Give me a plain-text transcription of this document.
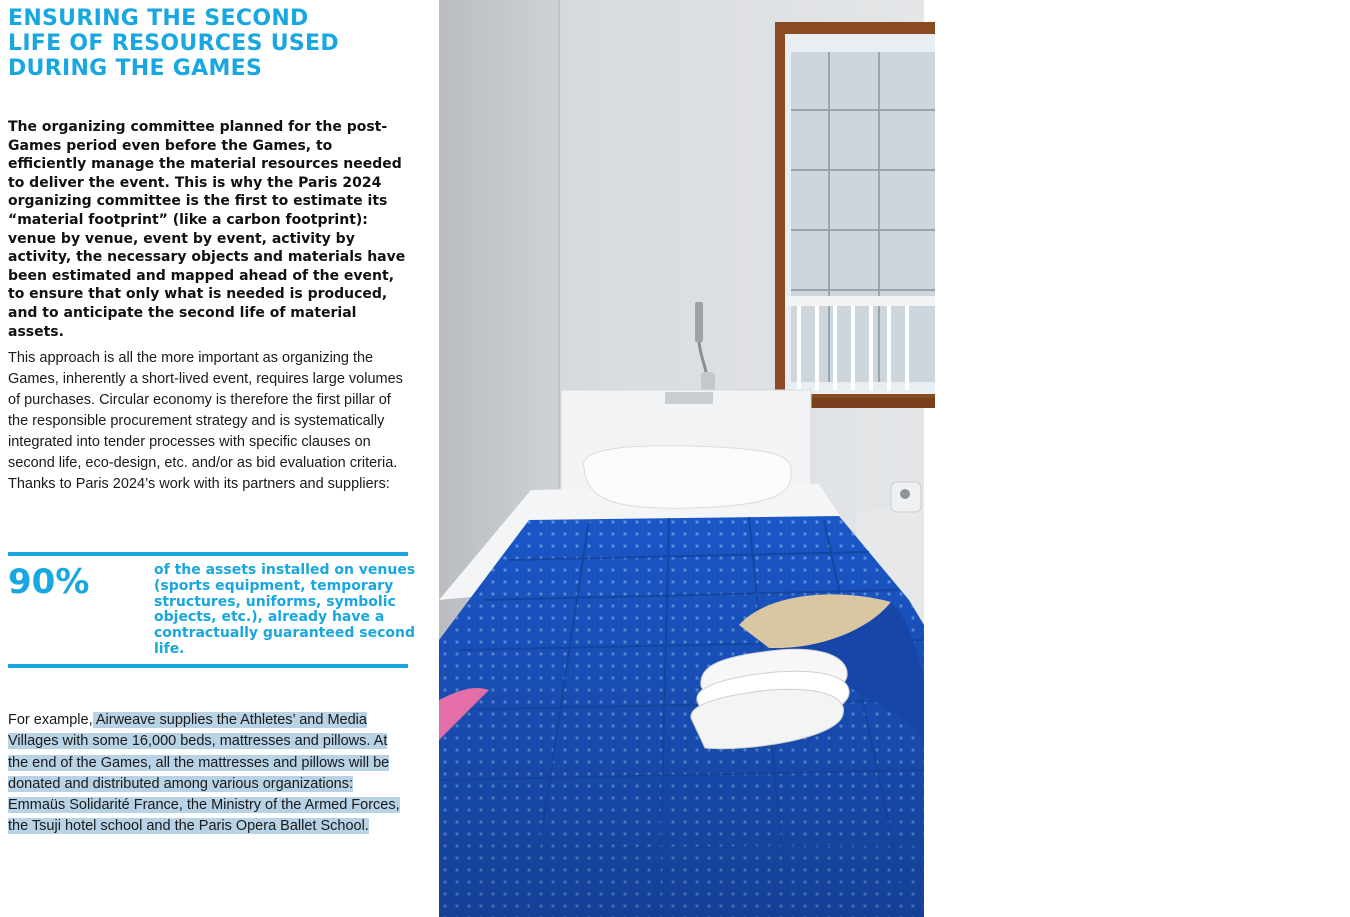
ENSURING THE SECOND
LIFE OF RESOURCES USED
DURING THE GAMES
The organizing committee planned for the post-Games period even before the Games, to efficiently manage the material resources needed to deliver the event. This is why the Paris 2024 organizing committee is the first to estimate its “material footprint” (like a carbon footprint): venue by venue, event by event, activity by activity, the necessary objects and materials have been estimated and mapped ahead of the event, to ensure that only what is needed is produced, and to anticipate the second life of material assets.
This approach is all the more important as organizing the Games, inherently a short-lived event, requires large volumes of purchases. Circular economy is therefore the first pillar of the responsible procurement strategy and is systematically integrated into tender processes with specific clauses on second life, eco-design, etc. and/or as bid evaluation criteria. Thanks to Paris 2024’s work with its partners and suppliers:
90%	of the assets installed on venues (sports equipment, temporary structures, uniforms, symbolic objects, etc.), already have a contractually guaranteed second life.
For example, Airweave supplies the Athletes’ and Media Villages with some 16,000 beds, mattresses and pillows. At the end of the Games, all the mattresses and pillows will be donated and distributed among various organizations: Emmaüs Solidarité France, the Ministry of the Armed Forces, the Tsuji hotel school and the Paris Opera Ballet School.	© Paris 2024/Jeanne
